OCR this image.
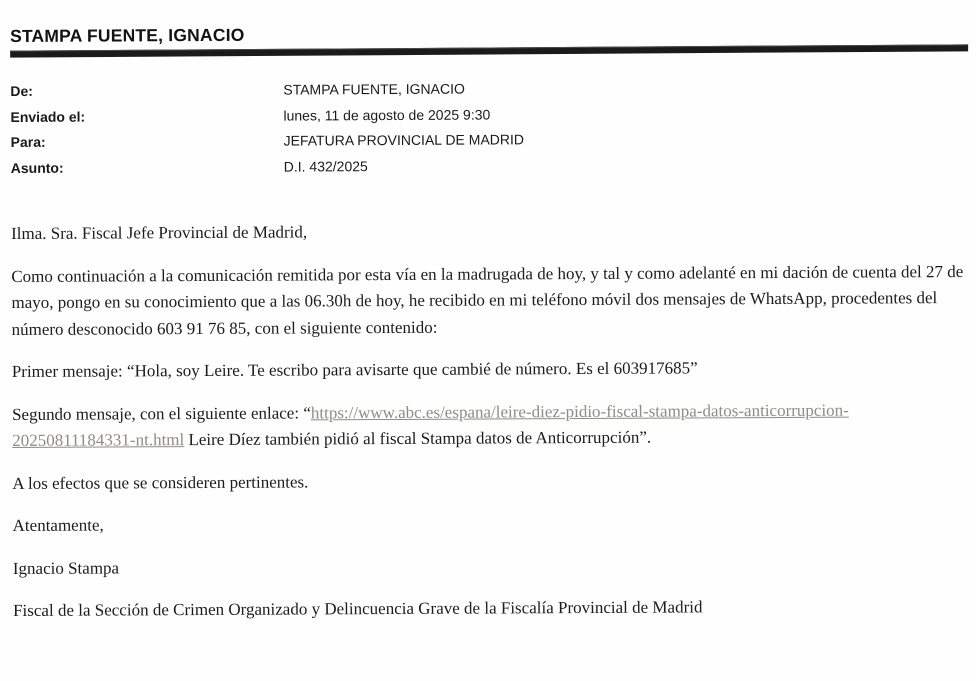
STAMPA FUENTE, IGNACIO
De:	STAMPA FUENTE, IGNACIO
Enviado el:	lunes, 11 de agosto de 2025 9:30
Para:	JEFATURA PROVINCIAL DE MADRID
Asunto:	D.I. 432/2025

Ilma. Sra. Fiscal Jefe Provincial de Madrid,

Como continuación a la comunicación remitida por esta vía en la madrugada de hoy, y tal y como adelanté en mi dación de cuenta del 27 de mayo, pongo en su conocimiento que a las 06.30h de hoy, he recibido en mi teléfono móvil dos mensajes de WhatsApp, procedentes del número desconocido 603 91 76 85, con el siguiente contenido:

Primer mensaje: “Hola, soy Leire. Te escribo para avisarte que cambié de número. Es el 603917685”

Segundo mensaje, con el siguiente enlace: “https://www.abc.es/espana/leire-diez-pidio-fiscal-stampa-datos-anticorrupcion-20250811184331-nt.html Leire Díez también pidió al fiscal Stampa datos de Anticorrupción”.

A los efectos que se consideren pertinentes.

Atentamente,

Ignacio Stampa

Fiscal de la Sección de Crimen Organizado y Delincuencia Grave de la Fiscalía Provincial de Madrid
